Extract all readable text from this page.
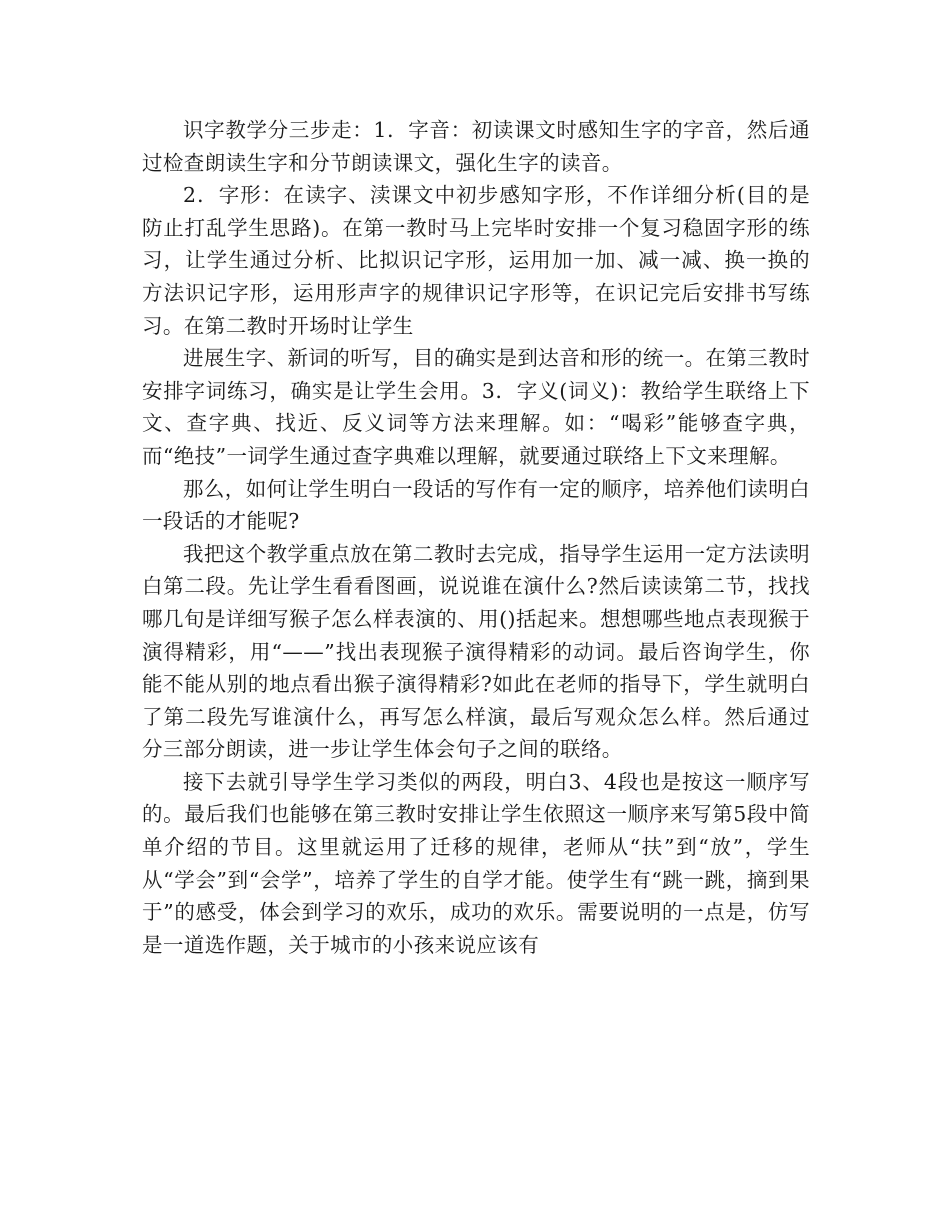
识字教学分三步走：1．字音：初读课文时感知生字的字音，然后通过检查朗读生字和分节朗读课文，强化生字的读音。

2．字形：在读字、渎课文中初步感知字形，不作详细分析(目的是防止打乱学生思路)。在第一教时马上完毕时安排一个复习稳固字形的练习，让学生通过分析、比拟识记字形，运用加一加、减一减、换一换的方法识记字形，运用形声字的规律识记字形等，在识记完后安排书写练习。在第二教时开场时让学生

进展生字、新词的听写，目的确实是到达音和形的统一。在第三教时安排字词练习，确实是让学生会用。3．字义(词义)：教给学生联络上下文、查字典、找近、反义词等方法来理解。如：“喝彩”能够查字典，而“绝技”一词学生通过查字典难以理解，就要通过联络上下文来理解。

那么，如何让学生明白一段话的写作有一定的顺序，培养他们读明白一段话的才能呢?

我把这个教学重点放在第二教时去完成，指导学生运用一定方法读明白第二段。先让学生看看图画，说说谁在演什么?然后读读第二节，找找哪几旬是详细写猴子怎么样表演的、用()括起来。想想哪些地点表现猴于演得精彩，用“——”找出表现猴子演得精彩的动词。最后咨询学生，你能不能从别的地点看出猴子演得精彩?如此在老师的指导下，学生就明白了第二段先写谁演什么，再写怎么样演，最后写观众怎么样。然后通过分三部分朗读，进一步让学生体会句子之间的联络。

接下去就引导学生学习类似的两段，明白3、4段也是按这一顺序写的。最后我们也能够在第三教时安排让学生依照这一顺序来写第5段中简单介绍的节目。这里就运用了迁移的规律，老师从“扶”到“放”，学生从“学会”到“会学”，培养了学生的自学才能。使学生有“跳一跳，摘到果于”的感受，体会到学习的欢乐，成功的欢乐。需要说明的一点是，仿写是一道选作题，关于城市的小孩来说应该有
